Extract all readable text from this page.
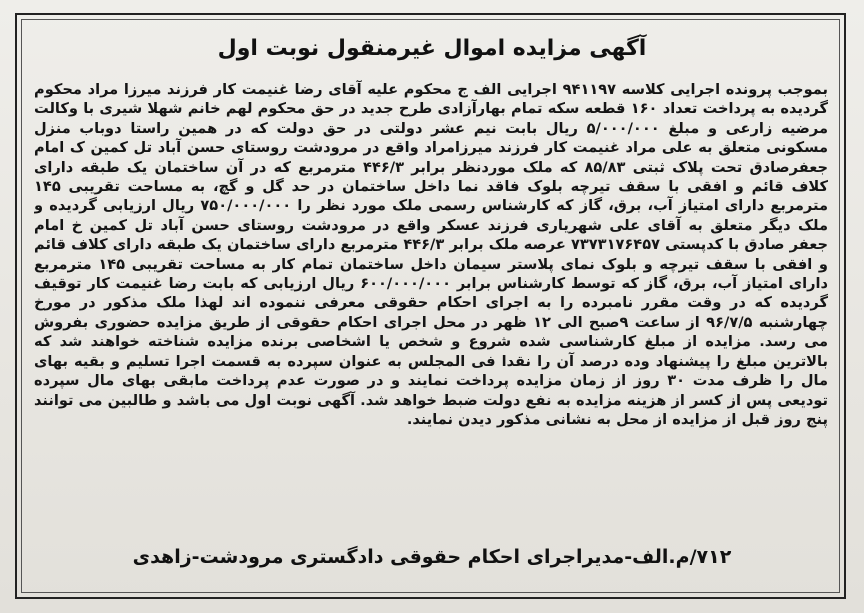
آگهی مزایده اموال غیرمنقول نوبت اول

بموجب پرونده اجرایی کلاسه ۹۴۱۱۹۷ اجرایی الف ج محکوم علیه آقای رضا غنیمت کار فرزند میرزا مراد محکوم گردیده به پرداخت تعداد ۱۶۰ قطعه سکه تمام بهارآزادی طرح جدید در حق محکوم لهم خانم شهلا شیری با وکالت مرضیه زارعی و مبلغ ۵/۰۰۰/۰۰۰ ریال بابت نیم عشر دولتی در حق دولت که در همین راستا دوباب منزل مسکونی متعلق به علی مراد غنیمت کار فرزند میرزامراد واقع در مرودشت روستای حسن آباد تل کمین ک امام جعفرصادق تحت پلاک ثبتی ۸۵/۸۳ که ملک موردنظر برابر ۴۴۶/۳ مترمربع که در آن ساختمان یک طبقه دارای کلاف قائم و افقی با سقف تیرچه بلوک فاقد نما داخل ساختمان در حد گل و گچ، به مساحت تقریبی ۱۴۵ مترمربع دارای امتیاز آب، برق، گاز که کارشناس رسمی ملک مورد نظر را ۷۵۰/۰۰۰/۰۰۰ ریال ارزیابی گردیده و ملک دیگر متعلق به آقای علی شهریاری فرزند عسکر واقع در مرودشت روستای حسن آباد تل کمین خ امام جعفر صادق با کدپستی ۷۳۷۳۱۷۶۴۵۷ عرصه ملک برابر ۴۴۶/۳ مترمربع دارای ساختمان یک طبقه دارای کلاف قائم و افقی با سقف تیرچه و بلوک نمای پلاستر سیمان داخل ساختمان تمام کار به مساحت تقریبی ۱۴۵ مترمربع دارای امتیاز آب، برق، گاز که توسط کارشناس برابر ۶۰۰/۰۰۰/۰۰۰ ریال ارزیابی که بابت رضا غنیمت کار توقیف گردیده که در وقت مقرر نامبرده را به اجرای احکام حقوقی معرفی ننموده اند لهذا ملک مذکور در مورخ چهارشنبه ۹۶/۷/۵ از ساعت ۹صبح الی ۱۲ ظهر در محل اجرای احکام حقوقی از طریق مزایده حضوری بفروش می رسد. مزایده از مبلغ کارشناسی شده شروع و شخص یا اشخاصی برنده مزایده شناخته خواهند شد که بالاترین مبلغ را پیشنهاد وده درصد آن را نقدا فی المجلس به عنوان سپرده به قسمت اجرا تسلیم و بقیه بهای مال را ظرف مدت ۳۰ روز از زمان مزایده پرداخت نمایند و در صورت عدم پرداخت مابقی بهای مال سپرده تودیعی پس از کسر از هزینه مزایده به نفع دولت ضبط خواهد شد. آگهی نوبت اول می باشد و طالبین می توانند پنج روز قبل از مزایده از محل به نشانی مذکور دیدن نمایند.

۷۱۲/م.الف-مدیراجرای احکام حقوقی دادگستری مرودشت-زاهدی
